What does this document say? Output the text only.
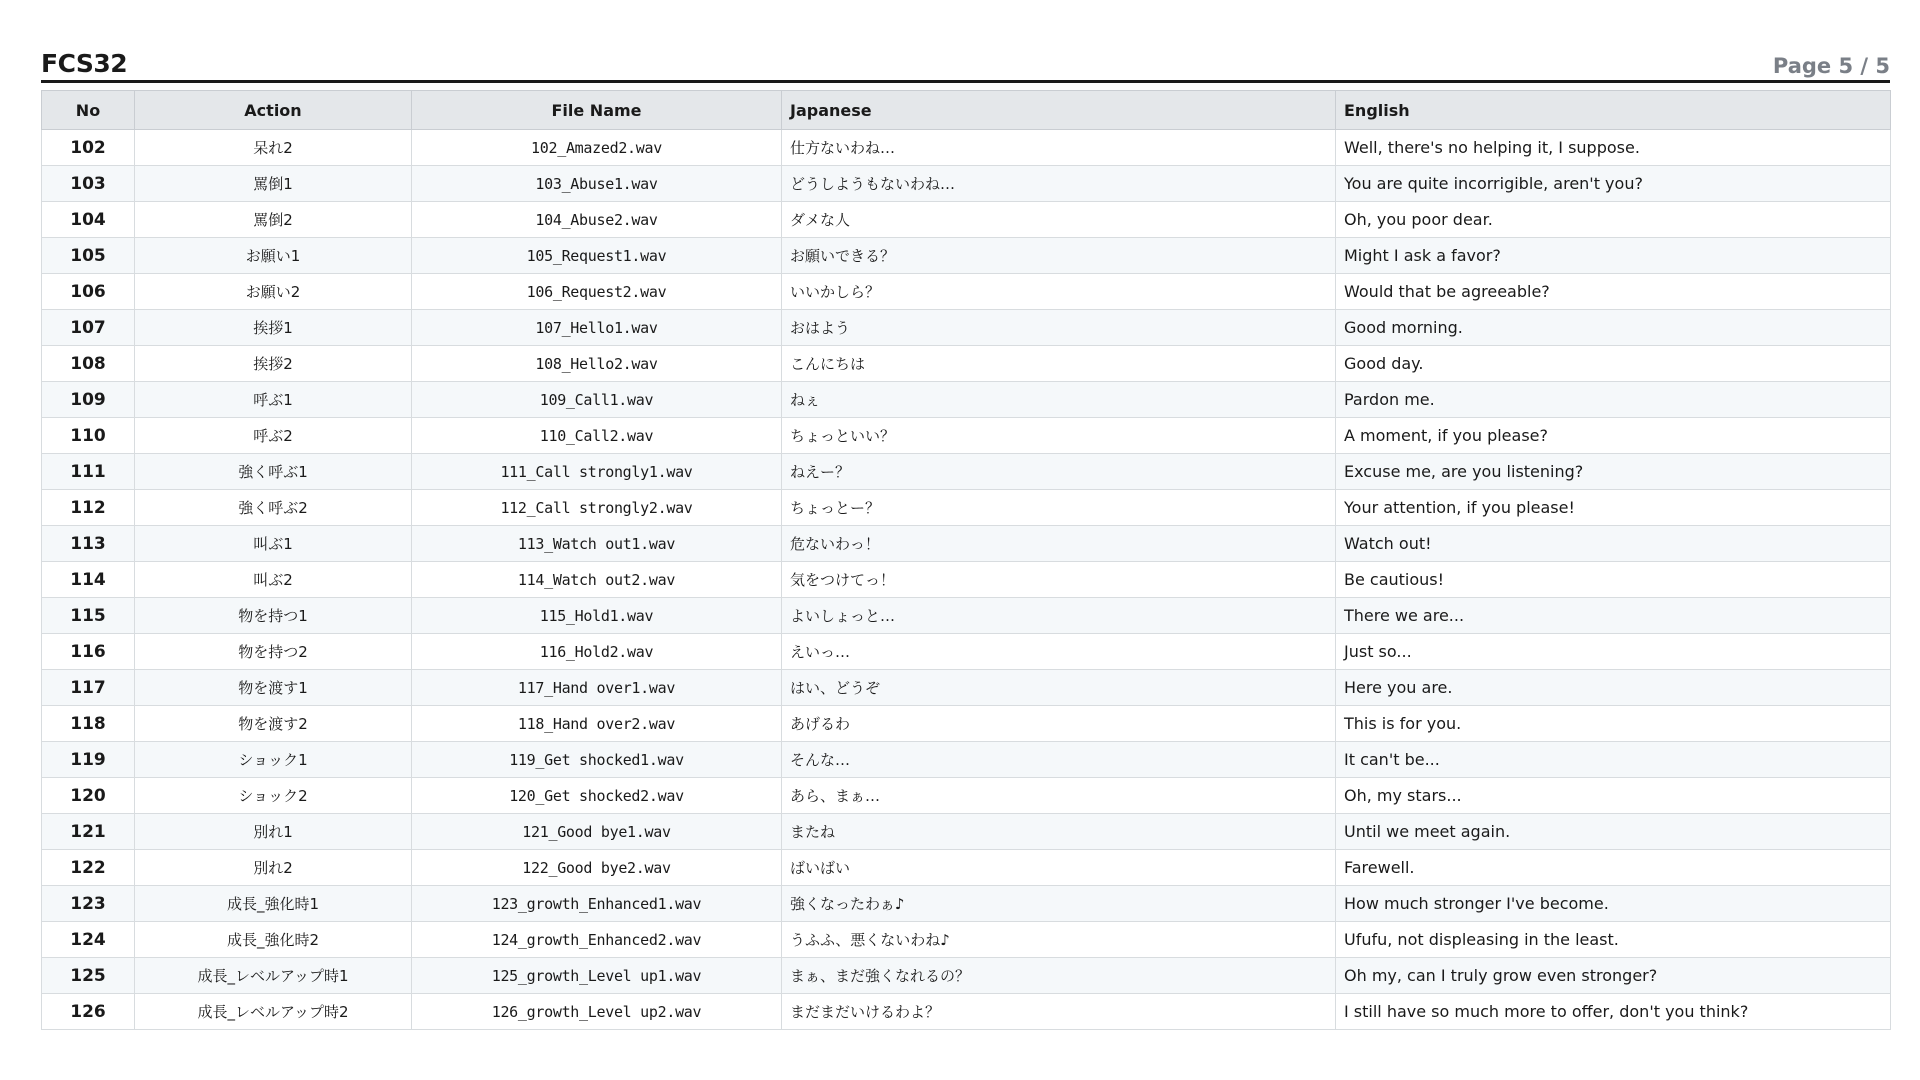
FCS32	Page 5 / 5
No	Action	File Name	Japanese	English
102	呆れ2	102_Amazed2.wav	仕方ないわね…	Well, there's no helping it, I suppose.
103	罵倒1	103_Abuse1.wav	どうしようもないわね…	You are quite incorrigible, aren't you?
104	罵倒2	104_Abuse2.wav	ダメな人	Oh, you poor dear.
105	お願い1	105_Request1.wav	お願いできる？	Might I ask a favor?
106	お願い2	106_Request2.wav	いいかしら？	Would that be agreeable?
107	挨拶1	107_Hello1.wav	おはよう	Good morning.
108	挨拶2	108_Hello2.wav	こんにちは	Good day.
109	呼ぶ1	109_Call1.wav	ねぇ	Pardon me.
110	呼ぶ2	110_Call2.wav	ちょっといい？	A moment, if you please?
111	強く呼ぶ1	111_Call strongly1.wav	ねえー？	Excuse me, are you listening?
112	強く呼ぶ2	112_Call strongly2.wav	ちょっとー？	Your attention, if you please!
113	叫ぶ1	113_Watch out1.wav	危ないわっ！	Watch out!
114	叫ぶ2	114_Watch out2.wav	気をつけてっ！	Be cautious!
115	物を持つ1	115_Hold1.wav	よいしょっと…	There we are...
116	物を持つ2	116_Hold2.wav	えいっ…	Just so...
117	物を渡す1	117_Hand over1.wav	はい、どうぞ	Here you are.
118	物を渡す2	118_Hand over2.wav	あげるわ	This is for you.
119	ショック1	119_Get shocked1.wav	そんな…	It can't be...
120	ショック2	120_Get shocked2.wav	あら、まぁ…	Oh, my stars...
121	別れ1	121_Good bye1.wav	またね	Until we meet again.
122	別れ2	122_Good bye2.wav	ばいばい	Farewell.
123	成長_強化時1	123_growth_Enhanced1.wav	強くなったわぁ♪	How much stronger I've become.
124	成長_強化時2	124_growth_Enhanced2.wav	うふふ、悪くないわね♪	Ufufu, not displeasing in the least.
125	成長_レベルアップ時1	125_growth_Level up1.wav	まぁ、まだ強くなれるの？	Oh my, can I truly grow even stronger?
126	成長_レベルアップ時2	126_growth_Level up2.wav	まだまだいけるわよ？	I still have so much more to offer, don't you think?
